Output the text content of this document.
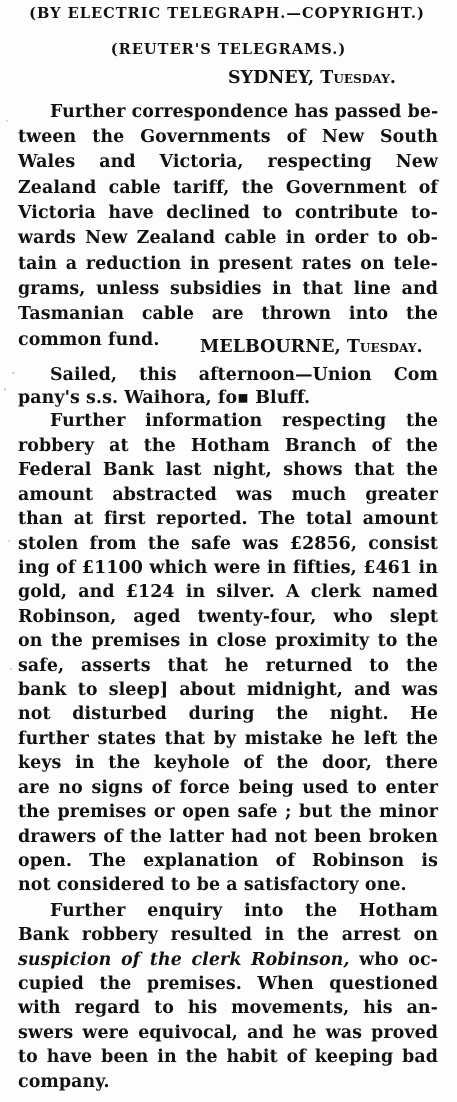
(BY ELECTRIC TELEGRAPH.—COPYRIGHT.)
(REUTER'S TELEGRAMS.)
SYDNEY, Tuesday.
Further correspondence has passed be-
tween the Governments of New South
Wales and Victoria, respecting New
Zealand cable tariff, the Government of
Victoria have declined to contribute to-
wards New Zealand cable in order to ob-
tain a reduction in present rates on tele-
grams, unless subsidies in that line and
Tasmanian cable are thrown into the
common fund. MELBOURNE, Tuesday.
Sailed, this afternoon—Union Com
pany's s.s. Waihora, fo▪ Bluff.
Further information respecting the
robbery at the Hotham Branch of the
Federal Bank last night, shows that the
amount abstracted was much greater
than at first reported. The total amount
stolen from the safe was £2856, consist
ing of £1100 which were in fifties, £461 in
gold, and £124 in silver. A clerk named
Robinson, aged twenty-four, who slept
on the premises in close proximity to the
safe, asserts that he returned to the
bank to sleep] about midnight, and was
not disturbed during the night. He
further states that by mistake he left the
keys in the keyhole of the door, there
are no signs of force being used to enter
the premises or open safe ; but the minor
drawers of the latter had not been broken
open. The explanation of Robinson is
not considered to be a satisfactory one.
Further enquiry into the Hotham
Bank robbery resulted in the arrest on
suspicion of the clerk Robinson, who oc-
cupied the premises. When questioned
with regard to his movements, his an-
swers were equivocal, and he was proved
to have been in the habit of keeping bad
company.
